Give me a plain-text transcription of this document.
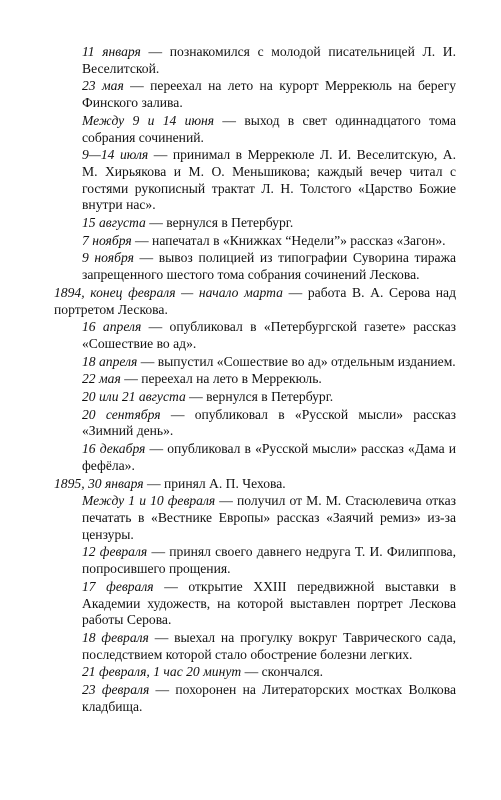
11 января — познакомился с молодой писательницей Л. И. Веселитской.

23 мая — переехал на лето на курорт Меррекюль на берегу Финского залива.

Между 9 и 14 июня — выход в свет одиннадцатого тома собрания сочинений.

9—14 июля — принимал в Меррекюле Л. И. Веселитскую, А. М. Хирьякова и М. О. Меньшикова; каждый вечер читал с гостями рукописный трактат Л. Н. Толстого «Царство Божие внутри нас».

15 августа — вернулся в Петербург.

7 ноября — напечатал в «Книжках “Недели”» рассказ «Загон».

9 ноября — вывоз полицией из типографии Суворина тиража запрещенного шестого тома собрания сочинений Лескова.

1894, конец февраля — начало марта — работа В. А. Серова над портретом Лескова.

16 апреля — опубликовал в «Петербургской газете» рассказ «Сошествие во ад».

18 апреля — выпустил «Сошествие во ад» отдельным изданием.

22 мая — переехал на лето в Меррекюль.

20 или 21 августа — вернулся в Петербург.

20 сентября — опубликовал в «Русской мысли» рассказ «Зимний день».

16 декабря — опубликовал в «Русской мысли» рассказ «Дама и фефёла».

1895, 30 января — принял А. П. Чехова.

Между 1 и 10 февраля — получил от М. М. Стасюлевича отказ печатать в «Вестнике Европы» рассказ «Заячий ремиз» из-за цензуры.

12 февраля — принял своего давнего недруга Т. И. Филиппова, попросившего прощения.

17 февраля — открытие XXIII передвижной выставки в Академии художеств, на которой выставлен портрет Лескова работы Серова.

18 февраля — выехал на прогулку вокруг Таврического сада, последствием которой стало обострение болезни легких.

21 февраля, 1 час 20 минут — скончался.

23 февраля — похоронен на Литераторских мостках Волкова кладбища.
